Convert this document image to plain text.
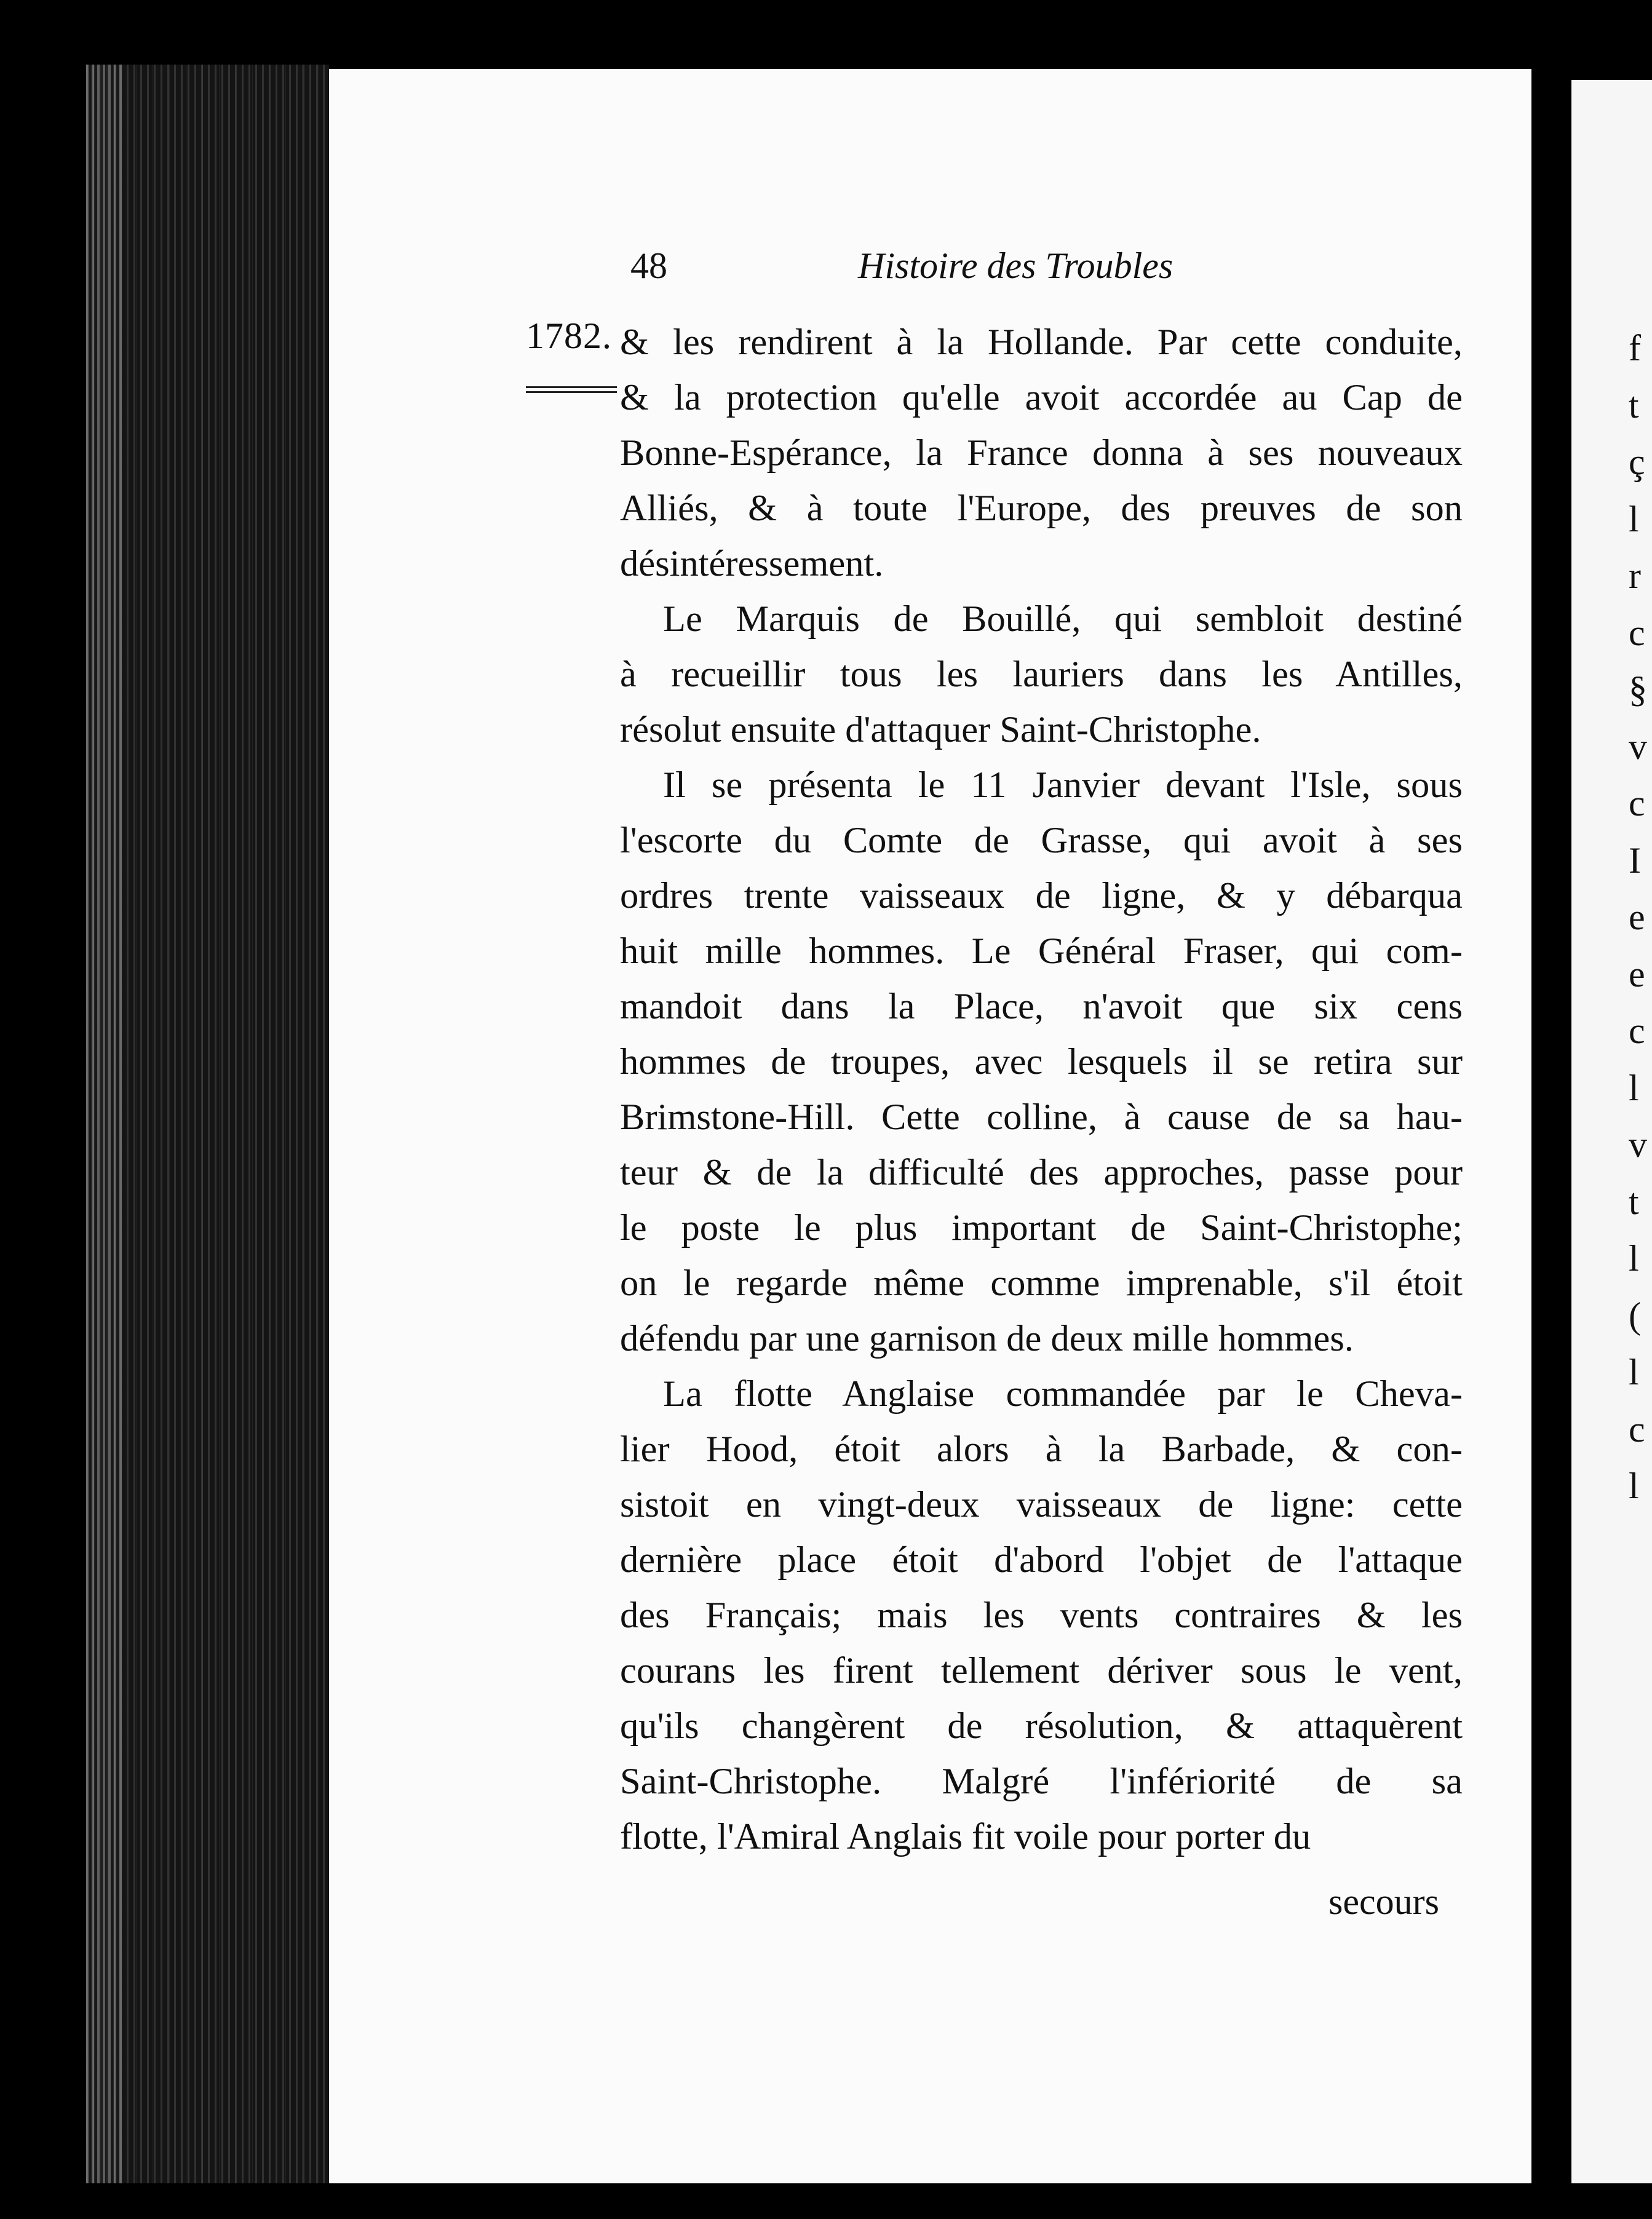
f
t
ç
l
r
c
§
v
c
I
e
e
c
l
v
t
l
(
l
c
l
48	Histoire des Troubles
1782. & les rendirent à la Hollande. Par cette conduite,
& la protection qu'elle avoit accordée au Cap de
Bonne-Espérance, la France donna à ses nouveaux
Alliés, & à toute l'Europe, des preuves de son
désintéressement.

Le Marquis de Bouillé, qui sembloit destiné
à recueillir tous les lauriers dans les Antilles,
résolut ensuite d'attaquer Saint-Christophe.

Il se présenta le 11 Janvier devant l'Isle, sous
l'escorte du Comte de Grasse, qui avoit à ses
ordres trente vaisseaux de ligne, & y débarqua
huit mille hommes. Le Général Fraser, qui com-
mandoit dans la Place, n'avoit que six cens
hommes de troupes, avec lesquels il se retira sur
Brimstone-Hill. Cette colline, à cause de sa hau-
teur & de la difficulté des approches, passe pour
le poste le plus important de Saint-Christophe;
on le regarde même comme imprenable, s'il étoit
défendu par une garnison de deux mille hommes.

La flotte Anglaise commandée par le Cheva-
lier Hood, étoit alors à la Barbade, & con-
sistoit en vingt-deux vaisseaux de ligne: cette
dernière place étoit d'abord l'objet de l'attaque
des Français; mais les vents contraires & les
courans les firent tellement dériver sous le vent,
qu'ils changèrent de résolution, & attaquèrent
Saint-Christophe. Malgré l'infériorité de sa
flotte, l'Amiral Anglais fit voile pour porter du

secours
